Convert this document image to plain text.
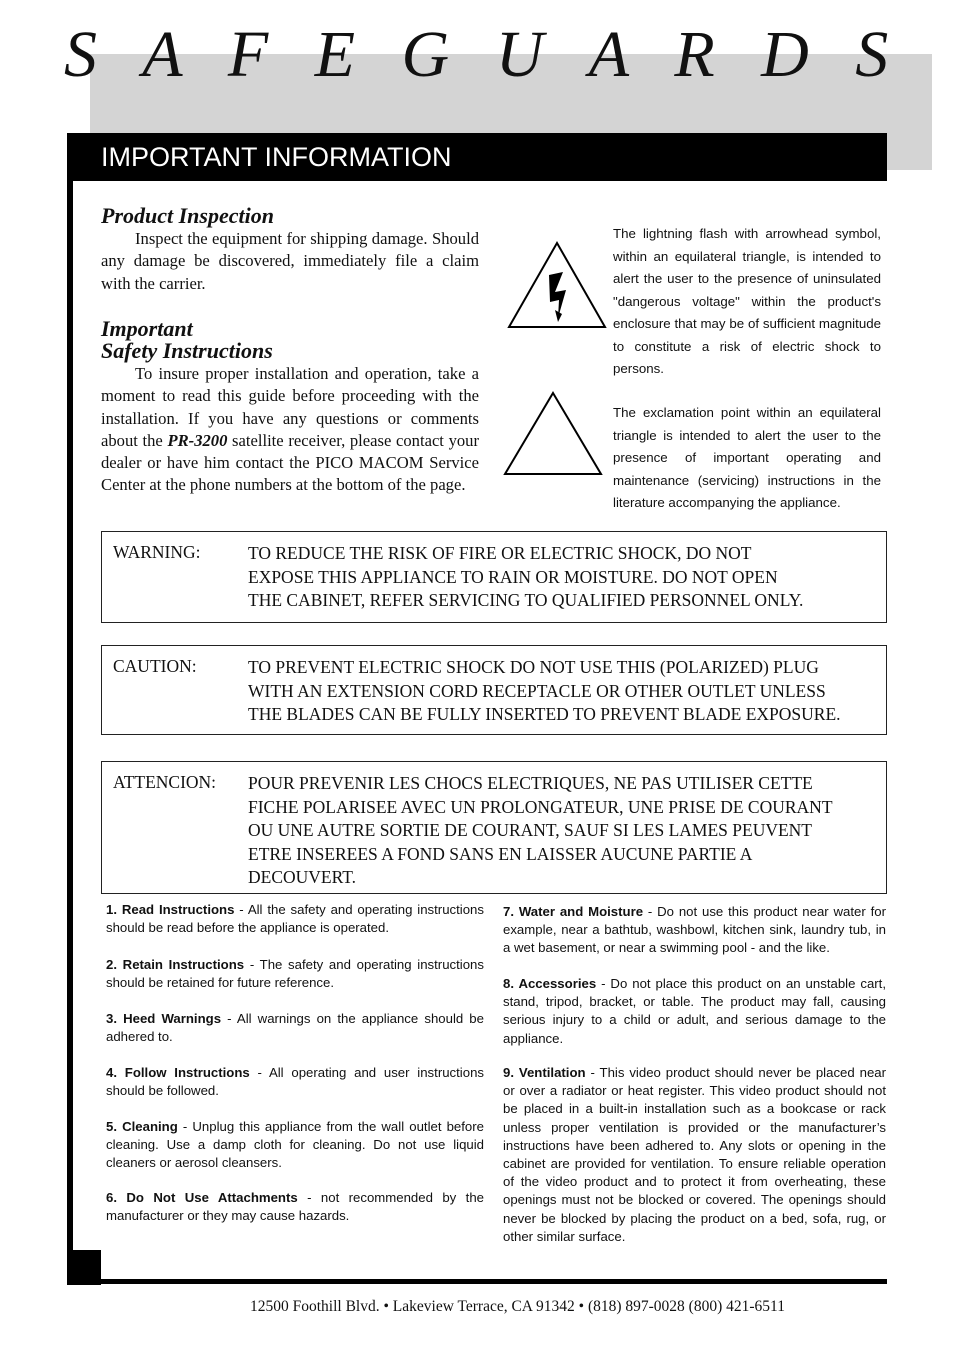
S A F E G U A R D S
IMPORTANT INFORMATION
Product Inspection
Inspect the equipment for shipping damage. Should any damage be discovered, immediately file a claim with the carrier.
Important
Safety Instructions
To insure proper installation and operation, take a moment to read this guide before proceeding with the installation. If you have any questions or comments about the PR-3200 satellite receiver, please contact your dealer or have him contact the PICO MACOM Service Center at the phone numbers at the bottom of the page.
The lightning flash with arrowhead symbol, within an equilateral triangle, is intended to alert the user to the presence of uninsulated "dangerous voltage" within the product's enclosure that may be of sufficient magnitude to constitute a risk of electric shock to persons.
The exclamation point within an equilateral triangle is intended to alert the user to the presence of important operating and maintenance (servicing) instructions in the literature accompanying the appliance.
WARNING:	TO REDUCE THE RISK OF FIRE OR ELECTRIC SHOCK, DO NOT
EXPOSE THIS APPLIANCE TO RAIN OR MOISTURE. DO NOT OPEN
THE CABINET, REFER SERVICING TO QUALIFIED PERSONNEL ONLY.
CAUTION:	TO PREVENT ELECTRIC SHOCK DO NOT USE THIS (POLARIZED) PLUG
WITH AN EXTENSION CORD RECEPTACLE OR OTHER OUTLET UNLESS
THE BLADES CAN BE FULLY INSERTED TO PREVENT BLADE EXPOSURE.
ATTENCION: POUR PREVENIR LES CHOCS ELECTRIQUES, NE PAS UTILISER CETTE
FICHE POLARISEE AVEC UN PROLONGATEUR, UNE PRISE DE COURANT
OU UNE AUTRE SORTIE DE COURANT, SAUF SI LES LAMES PEUVENT
ETRE INSEREES A FOND SANS EN LAISSER AUCUNE PARTIE A
DECOUVERT.
1. Read Instructions - All the safety and operating instructions should be read before the appliance is operated.
2. Retain Instructions - The safety and operating instructions should be retained for future reference.
3. Heed Warnings - All warnings on the appliance should be adhered to.
4. Follow Instructions - All operating and user instructions should be followed.
5. Cleaning - Unplug this appliance from the wall outlet before cleaning. Use a damp cloth for cleaning. Do not use liquid cleaners or aerosol cleansers.
6. Do Not Use Attachments - not recommended by the manufacturer or they may cause hazards.
7. Water and Moisture - Do not use this product near water for example, near a bathtub, washbowl, kitchen sink, laundry tub, in a wet basement, or near a swimming pool - and the like.
8. Accessories - Do not place this product on an unstable cart, stand, tripod, bracket, or table. The product may fall, causing serious injury to a child or adult, and serious damage to the appliance.
9. Ventilation - This video product should never be placed near or over a radiator or heat register. This video product should not be placed in a built-in installation such as a bookcase or rack unless proper ventilation is provided or the manufacturer’s instructions have been adhered to. Any slots or opening in the cabinet are provided for ventilation. To ensure reliable operation of the video product and to protect it from overheating, these openings must not be blocked or covered. The openings should never be blocked by placing the product on a bed, sofa, rug, or other similar surface.
12500 Foothill Blvd. • Lakeview Terrace, CA 91342 • (818) 897-0028 (800) 421-6511
